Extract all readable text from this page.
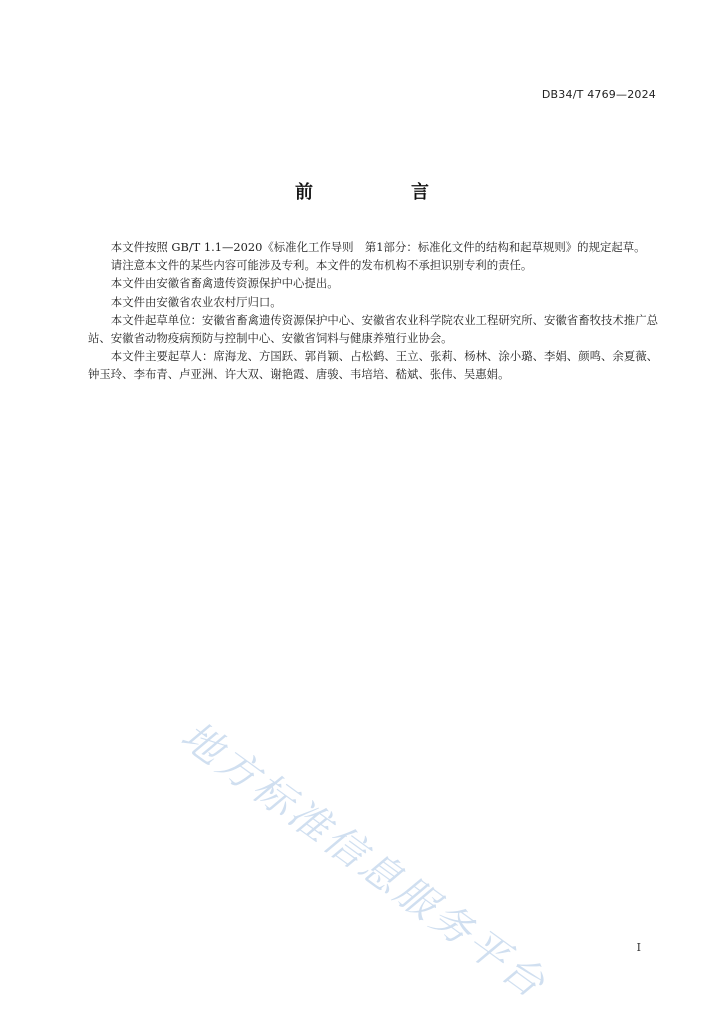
DB34/T 4769—2024
前　言

本文件按照 GB/T 1.1—2020《标准化工作导则　第1部分：标准化文件的结构和起草规则》的规定起草。

请注意本文件的某些内容可能涉及专利。本文件的发布机构不承担识别专利的责任。

本文件由安徽省畜禽遗传资源保护中心提出。

本文件由安徽省农业农村厅归口。

本文件起草单位：安徽省畜禽遗传资源保护中心、安徽省农业科学院农业工程研究所、安徽省畜牧技术推广总站、安徽省动物疫病预防与控制中心、安徽省饲料与健康养殖行业协会。

本文件主要起草人：席海龙、方国跃、郭肖颖、占松鹤、王立、张莉、杨林、涂小璐、李娟、颜鸣、余夏薇、钟玉玲、李布青、卢亚洲、许大双、谢艳霞、唐骏、韦培培、嵇斌、张伟、吴惠娟。

地方标准信息服务平台	I
